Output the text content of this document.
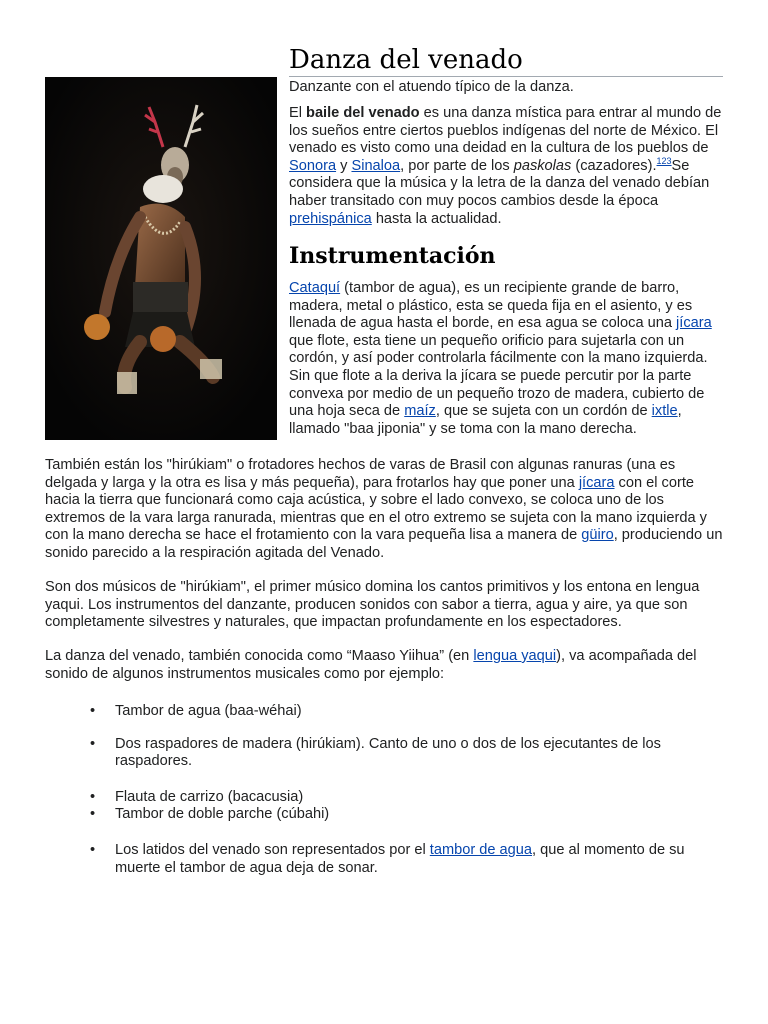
Danza del venado

Danzante con el atuendo típico de la danza.

El baile del venado es una danza mística para entrar al mundo de los sueños entre ciertos pueblos indígenas del norte de México. El venado es visto como una deidad en la cultura de los pueblos de Sonora y Sinaloa, por parte de los paskolas (cazadores).$^{123}$Se considera que la música y la letra de la danza del venado debían haber transitado con muy pocos cambios desde la época prehispánica hasta la actualidad.

Instrumentación

Cataquí (tambor de agua), es un recipiente grande de barro, madera, metal o plástico, esta se queda fija en el asiento, y es llenada de agua hasta el borde, en esa agua se coloca una jícara que flote, esta tiene un pequeño orificio para sujetarla con un cordón, y así poder controlarla fácilmente con la mano izquierda. Sin que flote a la deriva la jícara se puede percutir por la parte convexa por medio de un pequeño trozo de madera, cubierto de una hoja seca de maíz, que se sujeta con un cordón de ixtle, llamado "baa jiponia" y se toma con la mano derecha.

También están los "hirúkiam" o frotadores hechos de varas de Brasil con algunas ranuras (una es delgada y larga y la otra es lisa y más pequeña), para frotarlos hay que poner una jícara con el corte hacia la tierra que funcionará como caja acústica, y sobre el lado convexo, se coloca uno de los extremos de la vara larga ranurada, mientras que en el otro extremo se sujeta con la mano izquierda y con la mano derecha se hace el frotamiento con la vara pequeña lisa a manera de güiro, produciendo un sonido parecido a la respiración agitada del Venado.

Son dos músicos de "hirúkiam", el primer músico domina los cantos primitivos y los entona en lengua yaqui. Los instrumentos del danzante, producen sonidos con sabor a tierra, agua y aire, ya que son completamente silvestres y naturales, que impactan profundamente en los espectadores.

La danza del venado, también conocida como “Maaso Yiihua” (en lengua yaqui), va acompañada del sonido de algunos instrumentos musicales como por ejemplo:

• Tambor de agua (baa-wéhai)
• Dos raspadores de madera (hirúkiam). Canto de uno o dos de los ejecutantes de los raspadores.
• Flauta de carrizo (bacacusia)
• Tambor de doble parche (cúbahi)
• Los latidos del venado son representados por el tambor de agua, que al momento de su muerte el tambor de agua deja de sonar.
